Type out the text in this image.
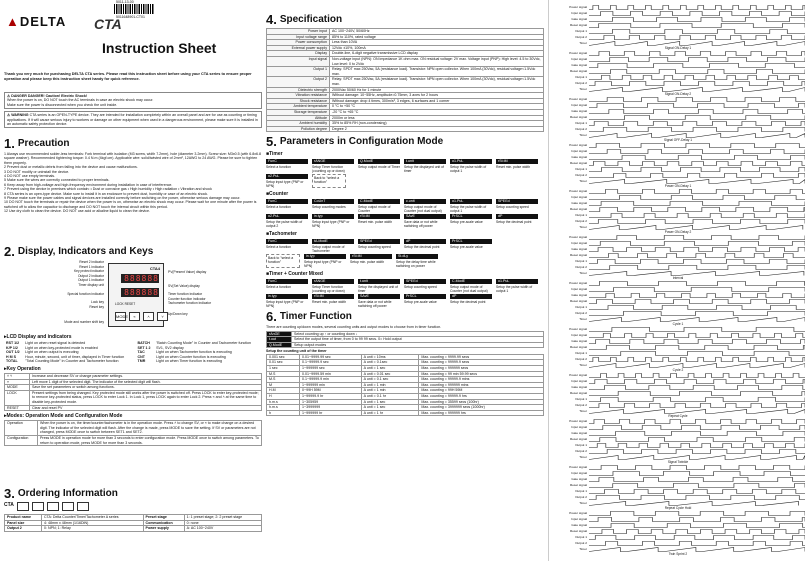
5011-13-00
5011648901-CT01
▲DELTA CTA
Instruction Sheet
Thank you very much for purchasing DELTA CTA series. Please read this instruction sheet before using your CTA series to ensure proper operation and please keep this instruction sheet handy for quick reference.
⚠ DANGER DANGER! Caution! Electric Shock!
When the power is on, DO NOT touch the AC terminals in case an electric shock may occur.
Make sure the power is disconnected when you check the unit inside.
⚠ WARNING CTA series is an OPEN-TYPE device. They are intended for installation completely within an overall panel and are for use as counting or timing applications. If it will cause serious injury to workers or damage on other equipment when used in a dangerous environment, please make sure it is installed in an automatic safety protection device.
1. Precaution
1 Always use recommended solder-less terminals: Fork terminal with isolation (M3 screw, width 7.2mm), hole (diameter 3.2mm). Screw size: M3x0.5 (with 6.8x6.8 square washer). Recommended tightening torque: 0.4 N.m (4kgf.cm). Applicable wire: solid/twisted wire of 2mm², 12AWG to 24 AWG. Please be sure to tighten them properly.
2 Prevent dust or metallic debris from falling into the device and cause malfunctions.
3 DO NOT modify or uninstall the device.
4 DO NOT use empty terminals.
5 Make sure the wires are correctly connected to proper terminals.
6 Keep away from high-voltage and high-frequency environment during installation in case of interference.
7 Prevent using the device in premises which contain: • Dust or corrosive gas • High humidity • High radiation • Vibration and shock
8 CTA series is an open-type device. Make sure to install it in an enclosure to prevent dust, humidity or case of an electric shock.
9 Please make sure the power cables and signal devices are installed correctly before switching on the power, otherwise serious damage may occur.
10 DO NOT touch the terminals or repair the device when the power is on, otherwise an electric shock may occur. Please wait for one minute after the power is switched off to allow the capacitor to discharge and DO NOT touch the internal circuit within this period.
12 Use dry cloth to clean the device. DO NOT use acid or alkaline liquid to clean the device.
2. Display, Indicators and Keys
Reset 2 indicator
Reset 1 indicator
Key protect indicator
Output 2 indicator
Output 1 indicator
Timer display unit
Special function indicator
Lock key
Reset key
Mode and number shift key
CTA4
888888
888888
LOCK RESET
MODE	«	˄	˅
PV(Present Value) display
SV(Set Value) display
Timer function indicator
Counter function indicator
Tachometer function indicator
Up/Down key
▸ LCD Display and indicators
RST 1/2	Light on when reset signal is detected	BATCH	"Batch Counting Mode" in Counter and Tachometer function
K/P 1/2	Light on when key-protected mode is enabled	SET 1 2	SV1, SV2 display
OUT 1/2	Light on when output is executing	TAC	Light on when Tachometer function is executing
H M S	Hour, minute, second, unit of timer, displayed in Timer function	CNT	Light on when Counter function is executing
TOTAL	"Total Counting Mode" in Counter and Tachometer function	TMR	Light on when Timer function is executing
▸ Key Operation
˄ ˅	Increase and decrease SV or change parameter settings.
«	Left move 1 digit of the selected digit. The indicator of the selected digit will flash.
MODE	Save the set parameters or switch among functions.
LOCK	Present settings from being changed. Key protected mode still works after the power is switched off. Press LOCK to enter key-protected mode; to remove key-protected status, press LOCK to enter Lock 1. In Lock 1, press LOCK again to enter Lock 2. Press « and ˄ at the same time to disable key-protected mode.
RESET	Clear and reset PV
▸ Modes: Operation Mode and Configuration Mode
Operation	When the power is on, the timer/counter/tachometer is in the operation mode. Press ˄ to change SV, or « to make change on a desired digit. The indicator of the selected digit will flash. After the change is made, press MODE to save the setting. If SV or parameters are not changed, press MODE once to switch between SET1 and SET2.
Configuration	Press MODE in operation mode for more than 3 seconds to enter configuration mode. Press MODE once to switch among parameters. To return to operation mode, press MODE for more than 3 seconds.
3. Ordering Information
CTA
Product name	CTA: Delta Counter/Timer/Tachometer A series	Preset stage	1: 1 preset stage; 2: 2 preset stage
Panel size	4: 48mm x 48mm (1/16DIN)	Communication	0: none
Output 2	0: NPN; 1: Relay	Power supply	A: AC 100~240V
4. Specification
Power input	AC 100~240V, 50/60Hz
Input voltage range	85% to 110%, rated voltage
Power consumption	Less than 10VA
External power supply	12Vdc ±10%, 100mA
Display	Double-line, 6-digit negative transmissive LCD display
Input signal	Non-voltage input (NPN): ON impedance 1K ohm max. ON residual voltage: 2V max. Voltage input (PNP): High level: 4.5 to 30Vdc, Low level: 0 to 2Vdc
Output 1	Relay: SPDT max 250Vac, 5A (resistance load). Transistor: NPN open collector. When 100mA (30Vdc), residual voltage<1.5Vdc max.
Output 2	Relay: SPDT max 250Vac, 5A (resistance load). Transistor: NPN open collector. When 100mA (30Vdc), residual voltage<1.5Vdc max.
Dielectric strength	2000Vac 50/60 Hz for 1 minute
Vibration resistance	Without damage: 10~55Hz, amplitude=0.75mm, 3 axes for 2 hours
Shock resistance	Without damage: drop 4 times, 300m/s², 3 edges, 6 surfaces and 1 corner
Ambient temperature	0 °C to +50 °C
Storage temperature	-20 °C to +65 °C
Altitude	2000m or less
Ambient humidity	35% to 85% RH (non-condensing)
Pollution degree	Degree 2
5. Parameters in Configuration Mode
■ Timer
FunC
Select a function
rANGE
Setup Timer function (counting up or down)
Q.ModE
Setup output mode of Timer
t.unit
Setup the displayed unit of timer
o1.PuL
Setup the pulse width of output 1
rSt.tM
Reset min. pulse width
o2.PuL
Setup input type (PNP or NPN)
Back to "select a function"
■ Counter
FunC
Select a function
CoUnT
Setup counting modes
C.ModE
Setup output mode of Counter
c.unit
Setup output mode of Counter (not dual output)
o1.PuL
Setup the pulse width of output 1
SPEEd
Setup counting speed
o2.PuL
Setup the pulse width of output 2
in.typ
Setup input type (PNP or NPN)
rSt.tM
Reset min. pulse width
SAvE
Save data or not while switching off power
PrSCL
Setup pre-scale value
dP
Setup the decimal point
■ Tachometer
FunC
Select a function
tA.ModE
Setup output mode of Tachometer
SPEEd
Setup counting speed
dP
Setup the decimal point
PrSCL
Setup pre-scale value
Back to "select a function"
in.typ
Setup input type (PNP or NPN)
rSt.tM
Setup min. pulse width
St.dLy
Setup the delay time while switching on power
■ Timer + Counter Mixed
FunC
Select a function
rANGE
Setup Timer function (counting up or down)
t.unit
Setup the displayed unit of timer
SPEEd
Setup counting speed
C.ModE
Setup output mode of Counter (not dual output)
o1.PuL
Setup the pulse width of output 1
in.typ
Setup input type (PNP or NPN)
rSt.tM
Reset min. pulse width
SAvE
Save data or not while switching off power
PrSCL
Setup pre-scale value
dP
Setup the decimal point
6. Timer Function
There are counting up/down modes, several counting units and output modes to choose from in timer function.
rAnGE	Select counting up ↑ or counting down ↓
t.out	Select the output time of timer, from 0 to 99 99 secs. 0= Hold output
Q.ModE	Setup output modes
Setup the counting unit of the timer
0.001 sec	0.01~9999.99 sec	A unit = 10ms	Max. counting = 9999.99 secs
0.01 sec	0.1~99999.9 sec	A unit = 0.1sec	Max. counting = 99999.9 secs
1 sec	1~999999 sec	A unit = 1 sec	Max. counting = 999999 secs
M.S	0.01~9999.59 min	A unit = 0.01 sec	Max. counting = 99 min 59.99 secs
M.S	0.1~99999.9 min	A unit = 0.1 sec	Max. counting = 99999.9 mins
M	1~999999 min	A unit = 1 min	Max. counting = 999999 mins
H.M	0~99H 59M	A unit = 1 min	Max. counting = 99H 59M
H	1~99999.9 hr	A unit = 0.1 hr	Max. counting = 99999.9 hrs
h.m.s	1~305959	A unit = 1 sec	Max. counting = 35599 secs (100hr)
h.m.s	1~3999999	A unit = 1 sec	Max. counting = 3999999 secs (1000hr)
h	1~999999 hr	A unit = 1 hr	Max. counting = 999999 hrs
Power signal
Input signal
Gate signal
Reset signal
Output 1
Output 2
Timer
Signal ON-Delay 1
Power signal
Input signal
Gate signal
Reset signal
Output 1
Output 2
Timer
Signal ON-Delay 2
Power signal
Input signal
Gate signal
Reset signal
Output 1
Output 2
Timer
Signal OFF-Delay 1
Power signal
Input signal
Gate signal
Reset signal
Output 1
Output 2
Timer
Power ON-Delay 1
Power signal
Input signal
Gate signal
Reset signal
Output 1
Output 2
Timer
Power ON-Delay 2
Power signal
Input signal
Gate signal
Reset signal
Output 1
Output 2
Timer
Interval
Power signal
Input signal
Gate signal
Reset signal
Output 1
Output 2
Timer
Cycle 1
Power signal
Input signal
Gate signal
Reset signal
Output 1
Output 2
Timer
Cycle 2
Power signal
Input signal
Gate signal
Reset signal
Output 1
Output 2
Timer
Repeat Cycle
Power signal
Input signal
Gate signal
Reset signal
Output 1
Output 2
Timer
Signal Twinkle
Power signal
Input signal
Gate signal
Reset signal
Output 1
Output 2
Timer
Repeat Cycle Hold
Power signal
Input signal
Gate signal
Reset signal
Output 1
Output 2
Timer
Twin Sprint 2
